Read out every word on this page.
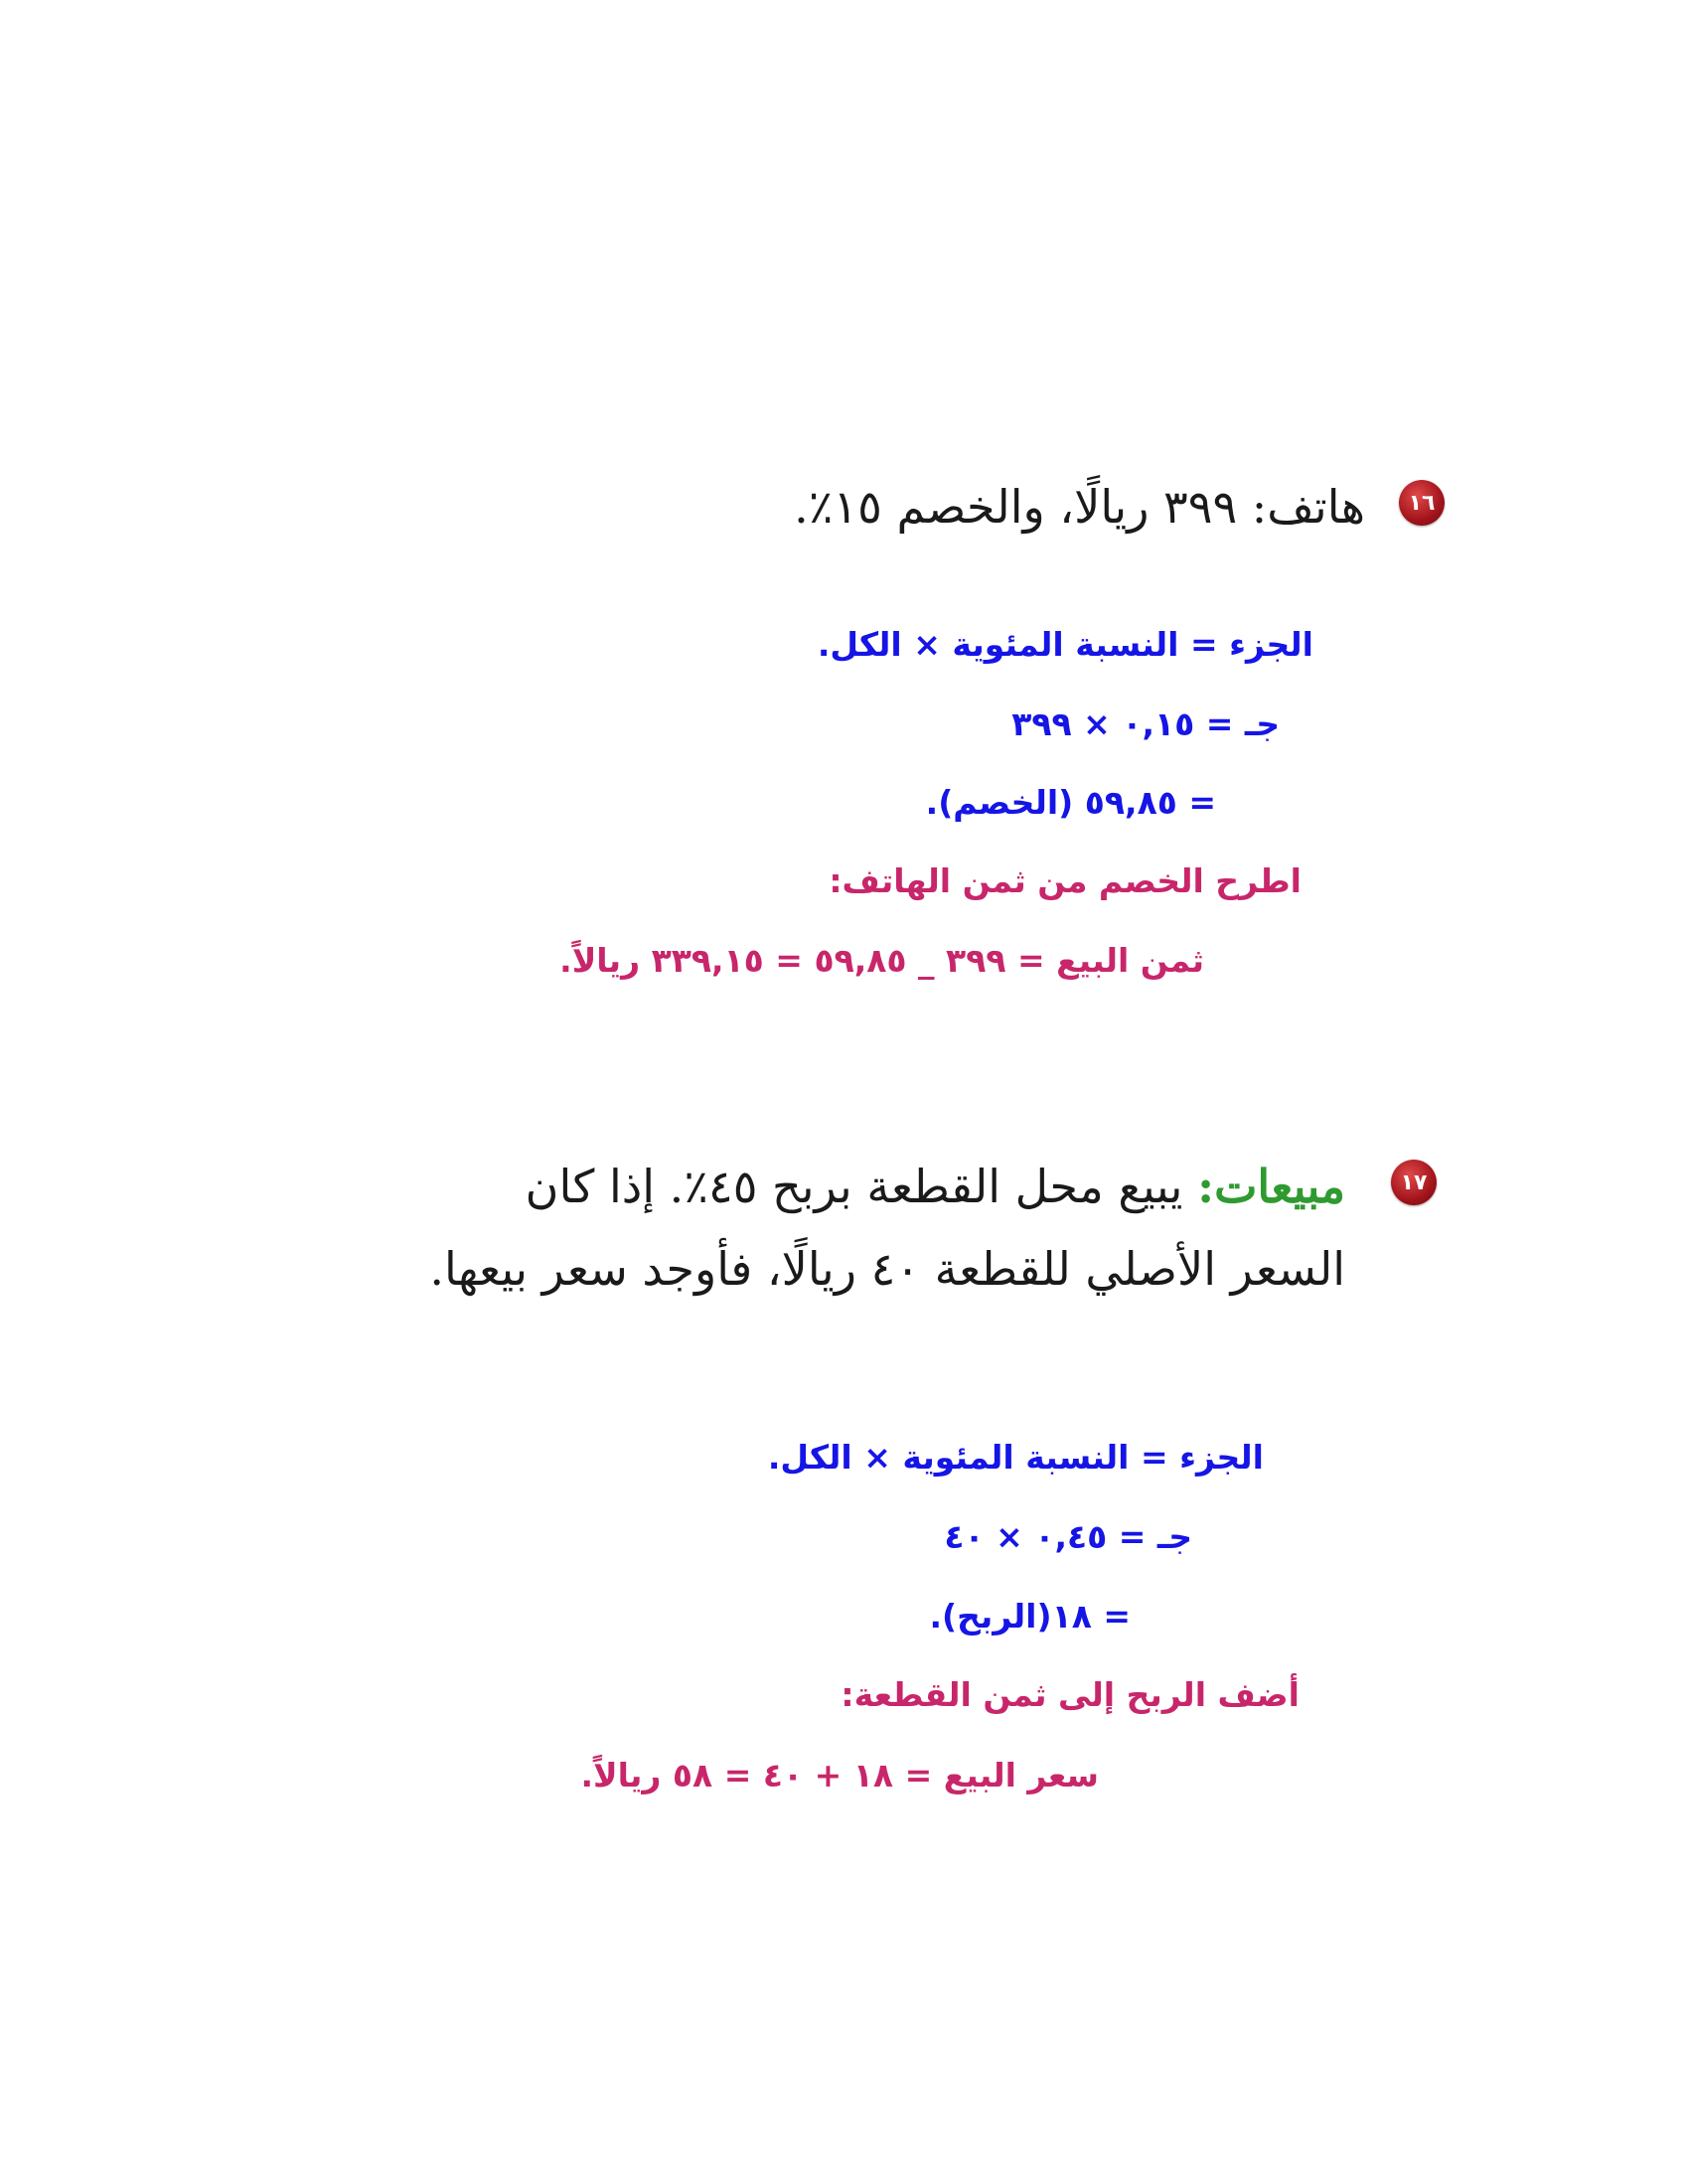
١٦
هاتف: ٣٩٩ ريالًا، والخصم ١٥٪.
الجزء = النسبة المئوية × الكل.
جـ = ٠,١٥ × ٣٩٩
= ٥٩,٨٥ (الخصم).
اطرح الخصم من ثمن الهاتف:
ثمن البيع = ٣٩٩ _ ٥٩,٨٥ = ٣٣٩,١٥ ريالاً.
١٧
مبيعات: يبيع محل القطعة بربح ٤٥٪. إذا كان
السعر الأصلي للقطعة ٤٠ ريالًا، فأوجد سعر بيعها.
الجزء = النسبة المئوية × الكل.
جـ = ٠,٤٥ × ٤٠
= ١٨(الربح).
أضف الربح إلى ثمن القطعة:
سعر البيع = ١٨ + ٤٠ = ٥٨ ريالاً.
